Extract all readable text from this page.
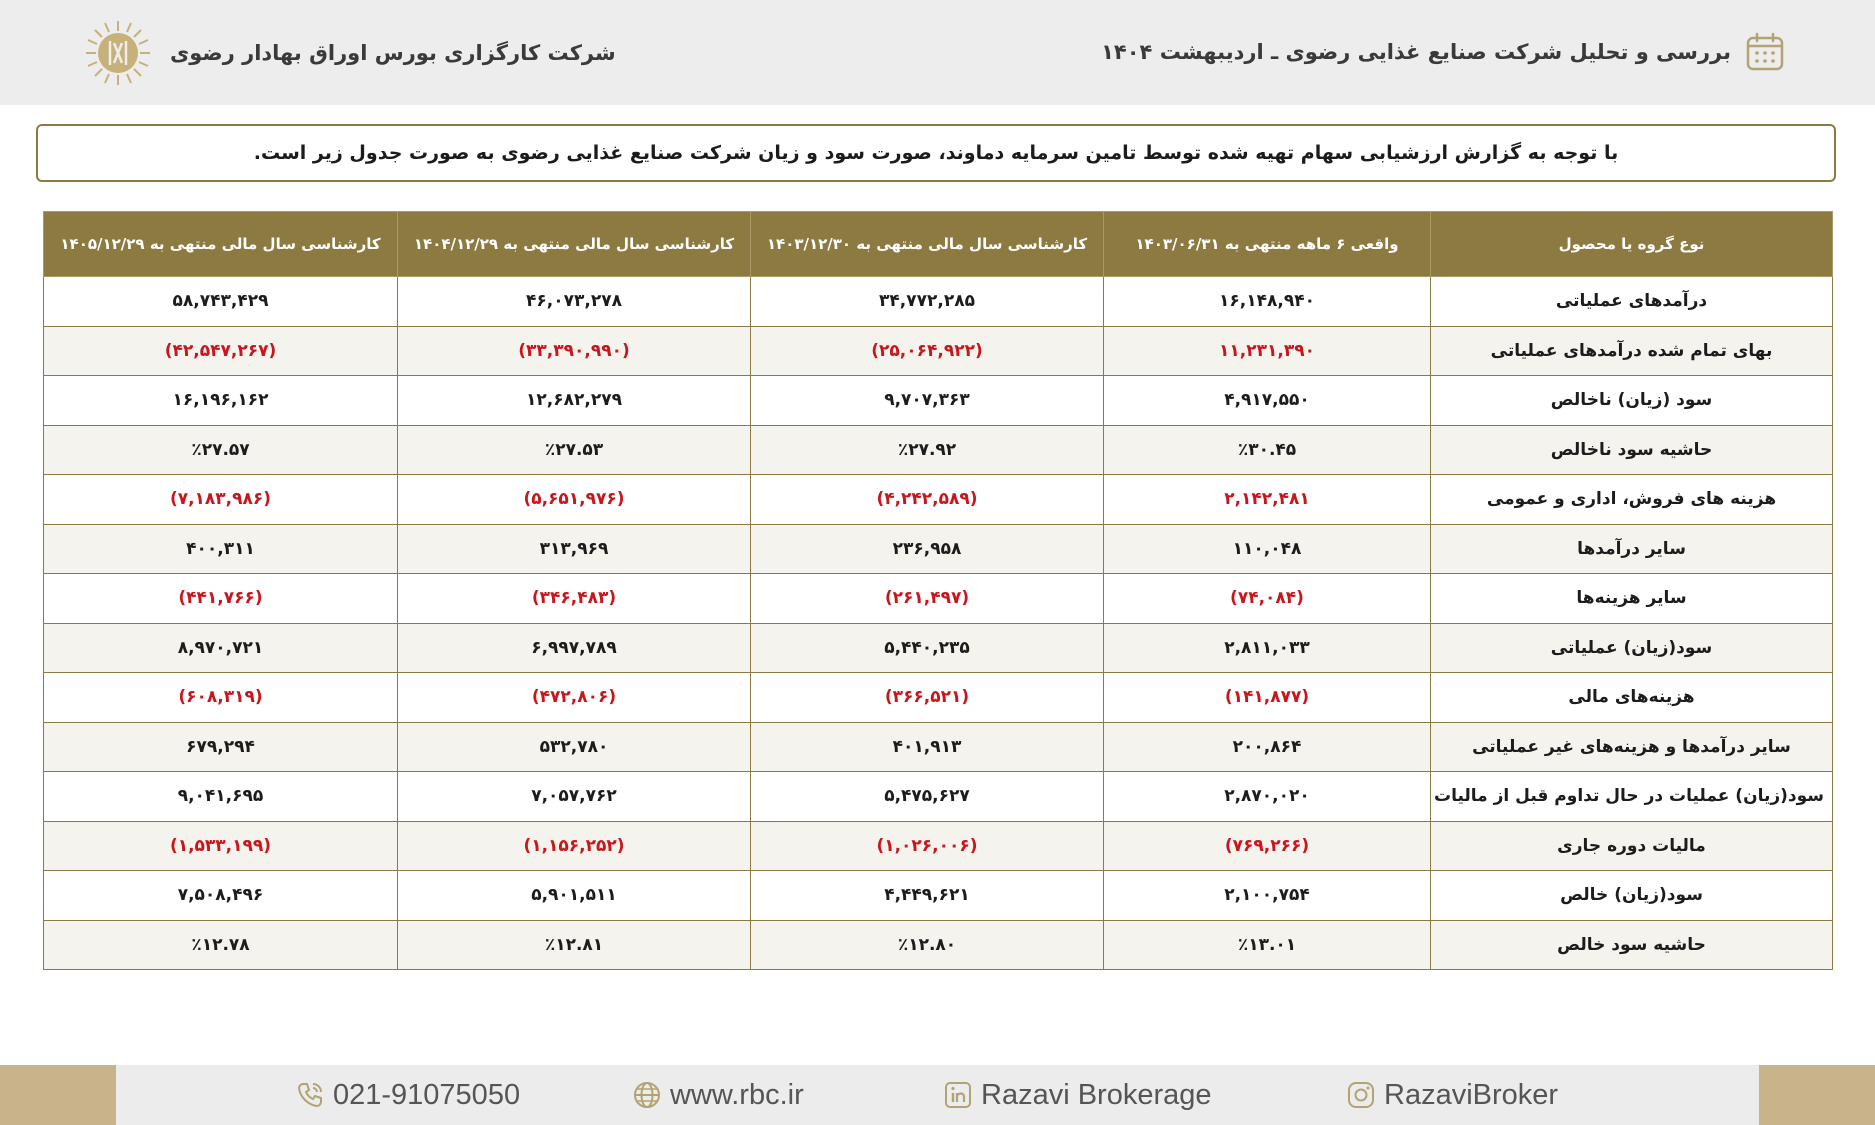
بررسی و تحلیل شرکت صنایع غذایی رضوی ـ اردیبهشت ۱۴۰۴
شرکت کارگزاری بورس اوراق بهادار رضوی
با توجه به گزارش ارزشیابی سهام تهیه شده توسط تامین سرمایه دماوند، صورت سود و زیان شرکت صنایع غذایی رضوی به صورت جدول زیر است.
نوع گروه یا محصول	واقعی ۶ ماهه منتهی به ۱۴۰۳/۰۶/۳۱	کارشناسی سال مالی منتهی به ۱۴۰۳/۱۲/۳۰	کارشناسی سال مالی منتهی به ۱۴۰۴/۱۲/۲۹	کارشناسی سال مالی منتهی به ۱۴۰۵/۱۲/۲۹
درآمدهای عملیاتی	۱۶,۱۴۸,۹۴۰	۳۴,۷۷۲,۲۸۵	۴۶,۰۷۳,۲۷۸	۵۸,۷۴۳,۴۲۹
بهای تمام شده درآمدهای عملیاتی	۱۱,۲۳۱,۳۹۰	(۲۵,۰۶۴,۹۲۲)	(۳۳,۳۹۰,۹۹۰)	(۴۲,۵۴۷,۲۶۷)
سود (زیان) ناخالص	۴,۹۱۷,۵۵۰	۹,۷۰۷,۳۶۳	۱۲,۶۸۲,۲۷۹	۱۶,۱۹۶,۱۶۲
حاشیه سود ناخالص	٪۳۰.۴۵	٪۲۷.۹۲	٪۲۷.۵۳	٪۲۷.۵۷
هزینه های فروش، اداری و عمومی	۲,۱۴۲,۴۸۱	(۴,۲۴۲,۵۸۹)	(۵,۶۵۱,۹۷۶)	(۷,۱۸۳,۹۸۶)
سایر درآمدها	۱۱۰,۰۴۸	۲۳۶,۹۵۸	۳۱۳,۹۶۹	۴۰۰,۳۱۱
سایر هزینه‌ها	(۷۴,۰۸۴)	(۲۶۱,۴۹۷)	(۳۴۶,۴۸۳)	(۴۴۱,۷۶۶)
سود(زیان) عملیاتی	۲,۸۱۱,۰۳۳	۵,۴۴۰,۲۳۵	۶,۹۹۷,۷۸۹	۸,۹۷۰,۷۲۱
هزینه‌های مالی	(۱۴۱,۸۷۷)	(۳۶۶,۵۲۱)	(۴۷۲,۸۰۶)	(۶۰۸,۳۱۹)
سایر درآمدها و هزینه‌های غیر عملیاتی	۲۰۰,۸۶۴	۴۰۱,۹۱۳	۵۳۲,۷۸۰	۶۷۹,۲۹۴
سود(زیان) عملیات در حال تداوم قبل از مالیات	۲,۸۷۰,۰۲۰	۵,۴۷۵,۶۲۷	۷,۰۵۷,۷۶۲	۹,۰۴۱,۶۹۵
مالیات دوره جاری	(۷۶۹,۲۶۶)	(۱,۰۲۶,۰۰۶)	(۱,۱۵۶,۲۵۲)	(۱,۵۳۳,۱۹۹)
سود(زیان) خالص	۲,۱۰۰,۷۵۴	۴,۴۴۹,۶۲۱	۵,۹۰۱,۵۱۱	۷,۵۰۸,۴۹۶
حاشیه سود خالص	٪۱۳.۰۱	٪۱۲.۸۰	٪۱۲.۸۱	٪۱۲.۷۸
021-91075050	www.rbc.ir	Razavi Brokerage	RazaviBroker
